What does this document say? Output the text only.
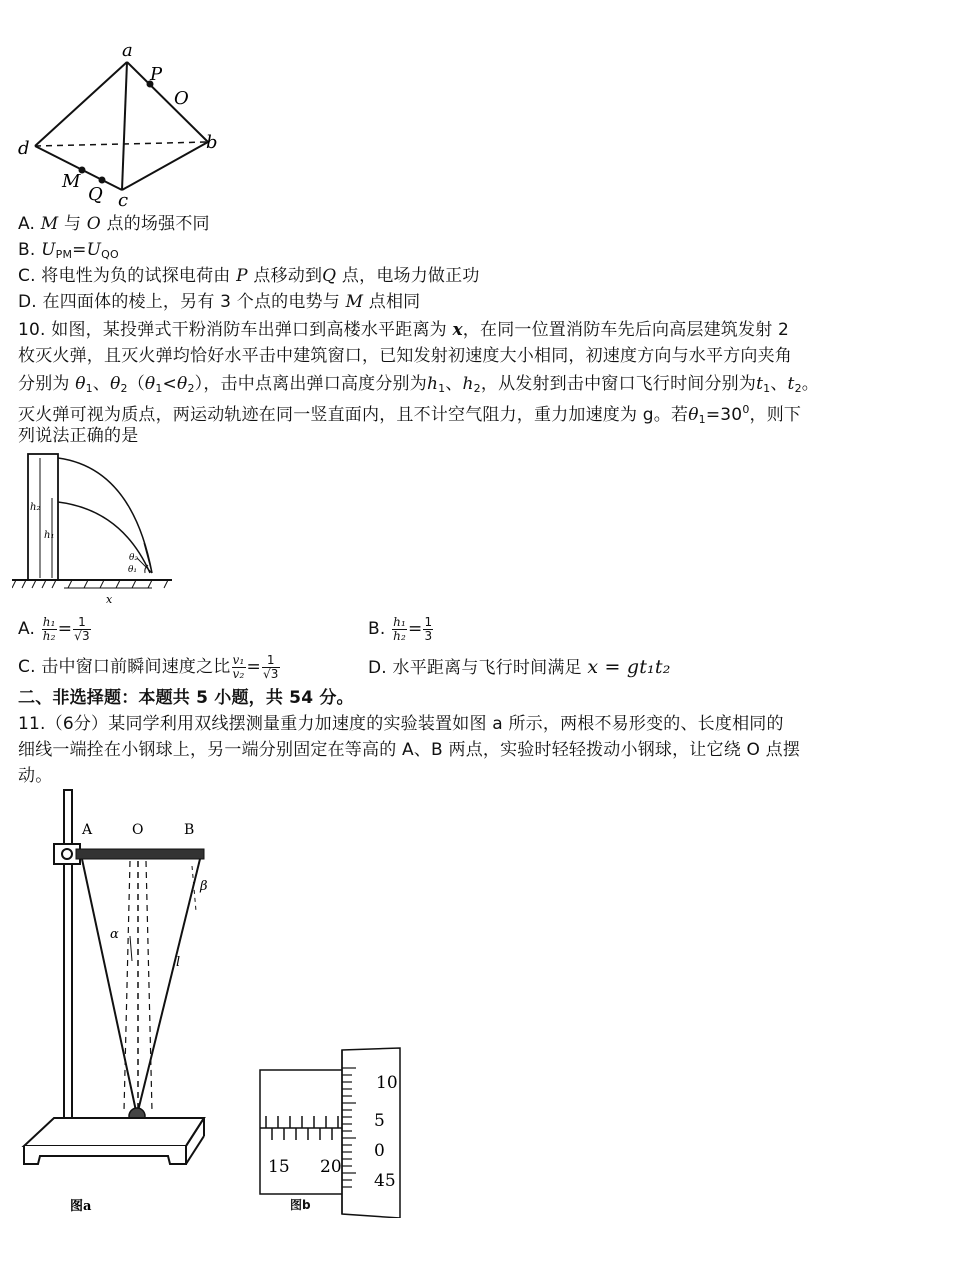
a
P
O
b
d
M
Q c
A. M 与 O 点的场强不同
B. $U_{PM}=U_{QO}$
C. 将电性为负的试探电荷由 P 点移动到Q 点，电场力做正功
D. 在四面体的棱上，另有 3 个点的电势与 M 点相同
10. 如图，某投弹式干粉消防车出弹口到高楼水平距离为 x，在同一位置消防车先后向高层建筑发射 2
枚灭火弹，且灭火弹均恰好水平击中建筑窗口，已知发射初速度大小相同，初速度方向与水平方向夹角
分别为 $\theta_1$、$\theta_2(\theta_1<\theta_2)$，击中点离出弹口高度分别为$h_1$、$h_2$，从发射到击中窗口飞行时间分别为$t_1$、$t_2$。
灭火弹可视为质点，两运动轨迹在同一竖直面内，且不计空气阻力，重力加速度为 g。若$\theta_1=30^0$，则下
列说法正确的是
h₂
h₁
θ₂
θ₁
x
A. $\frac{\text{h₁}}{\text{h₂}} = \frac{1}{√3}$	B. $\frac{\text{h₁}}{\text{h₂}} = \frac{1}{3}$
C. 击中窗口前瞬间速度之比 $\frac{\text{v₁}}{\text{v₂}} = \frac{1}{√3}$	D. 水平距离与飞行时间满足 x = gt₁t₂
二、非选择题：本题共 5 小题，共 54 分。
11.（6分）某同学利用双线摆测量重力加速度的实验装置如图 a 所示，两根不易形变的、长度相同的
细线一端拴在小钢球上，另一端分别固定在等高的 A、B 两点，实验时轻轻拨动小钢球，让它绕 O 点摆
动。
A	O	B
β
α
l
图a
15 20
10
5
0
45
图b
